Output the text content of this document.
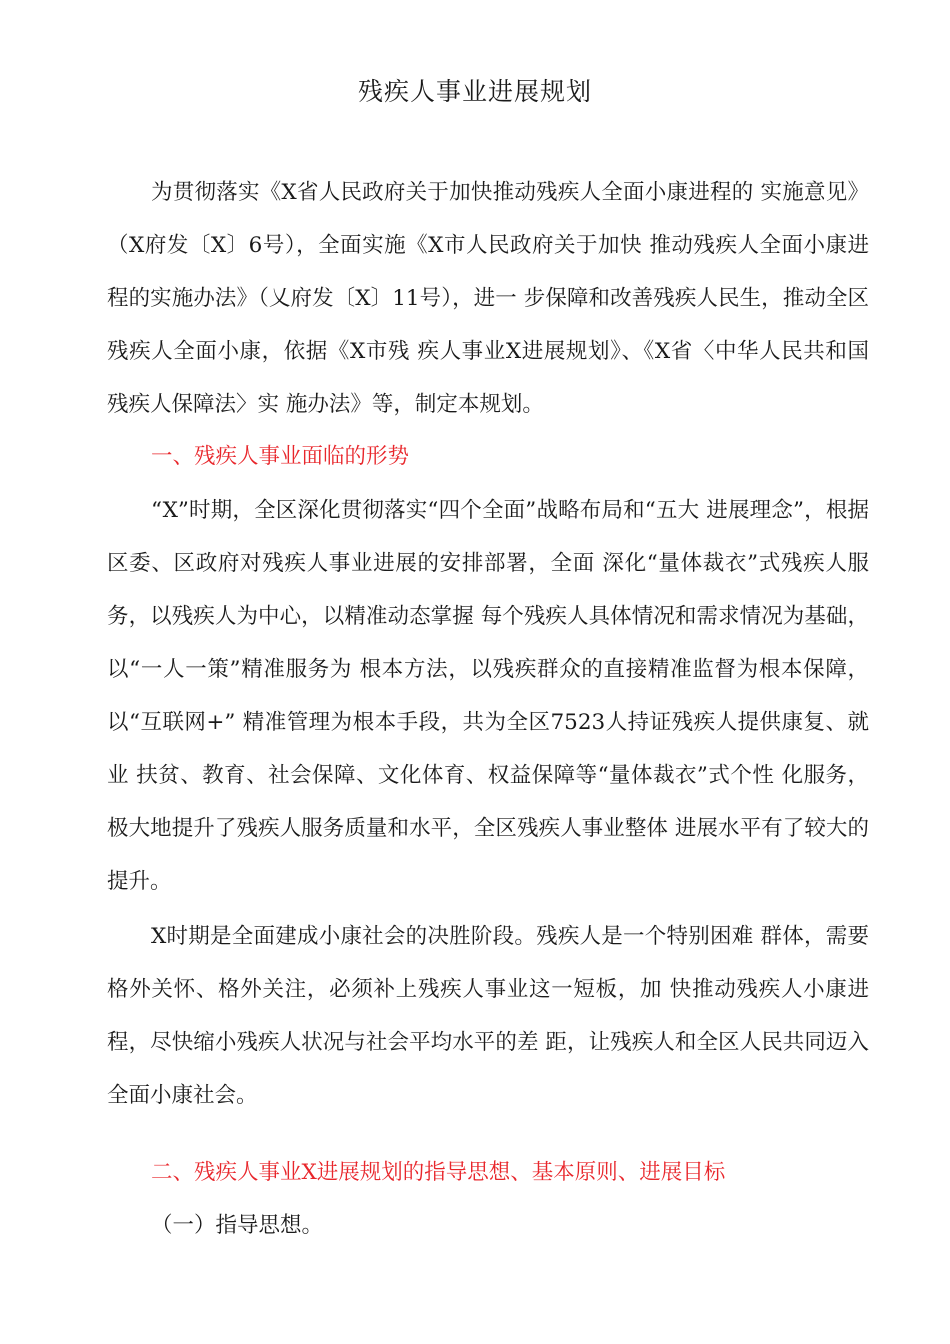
残疾人事业进展规划

为贯彻落实《X省人民政府关于加快推动残疾人全面小康进程的 实施意见》（X府发〔X〕6号），全面实施《X市人民政府关于加快 推动残疾人全面小康进程的实施办法》（乂府发〔X〕11号），进一 步保障和改善残疾人民生，推动全区残疾人全面小康，依据《X市残 疾人事业X进展规划》、《X省〈中华人民共和国残疾人保障法〉实 施办法》等，制定本规划。

一、残疾人事业面临的形势

“X”时期，全区深化贯彻落实“四个全面”战略布局和“五大 进展理念”，根据区委、区政府对残疾人事业进展的安排部署，全面 深化“量体裁衣”式残疾人服务，以残疾人为中心，以精准动态掌握 每个残疾人具体情况和需求情况为基础，以“一人一策”精准服务为 根本方法，以残疾群众的直接精准监督为根本保障，以“互联网+” 精准管理为根本手段，共为全区7523人持证残疾人提供康复、就业 扶贫、教育、社会保障、文化体育、权益保障等“量体裁衣”式个性 化服务，极大地提升了残疾人服务质量和水平，全区残疾人事业整体 进展水平有了较大的提升。

X时期是全面建成小康社会的决胜阶段。残疾人是一个特别困难 群体，需要格外关怀、格外关注，必须补上残疾人事业这一短板，加 快推动残疾人小康进程，尽快缩小残疾人状况与社会平均水平的差 距，让残疾人和全区人民共同迈入全面小康社会。

二、残疾人事业X进展规划的指导思想、基本原则、进展目标
（一）指导思想。
